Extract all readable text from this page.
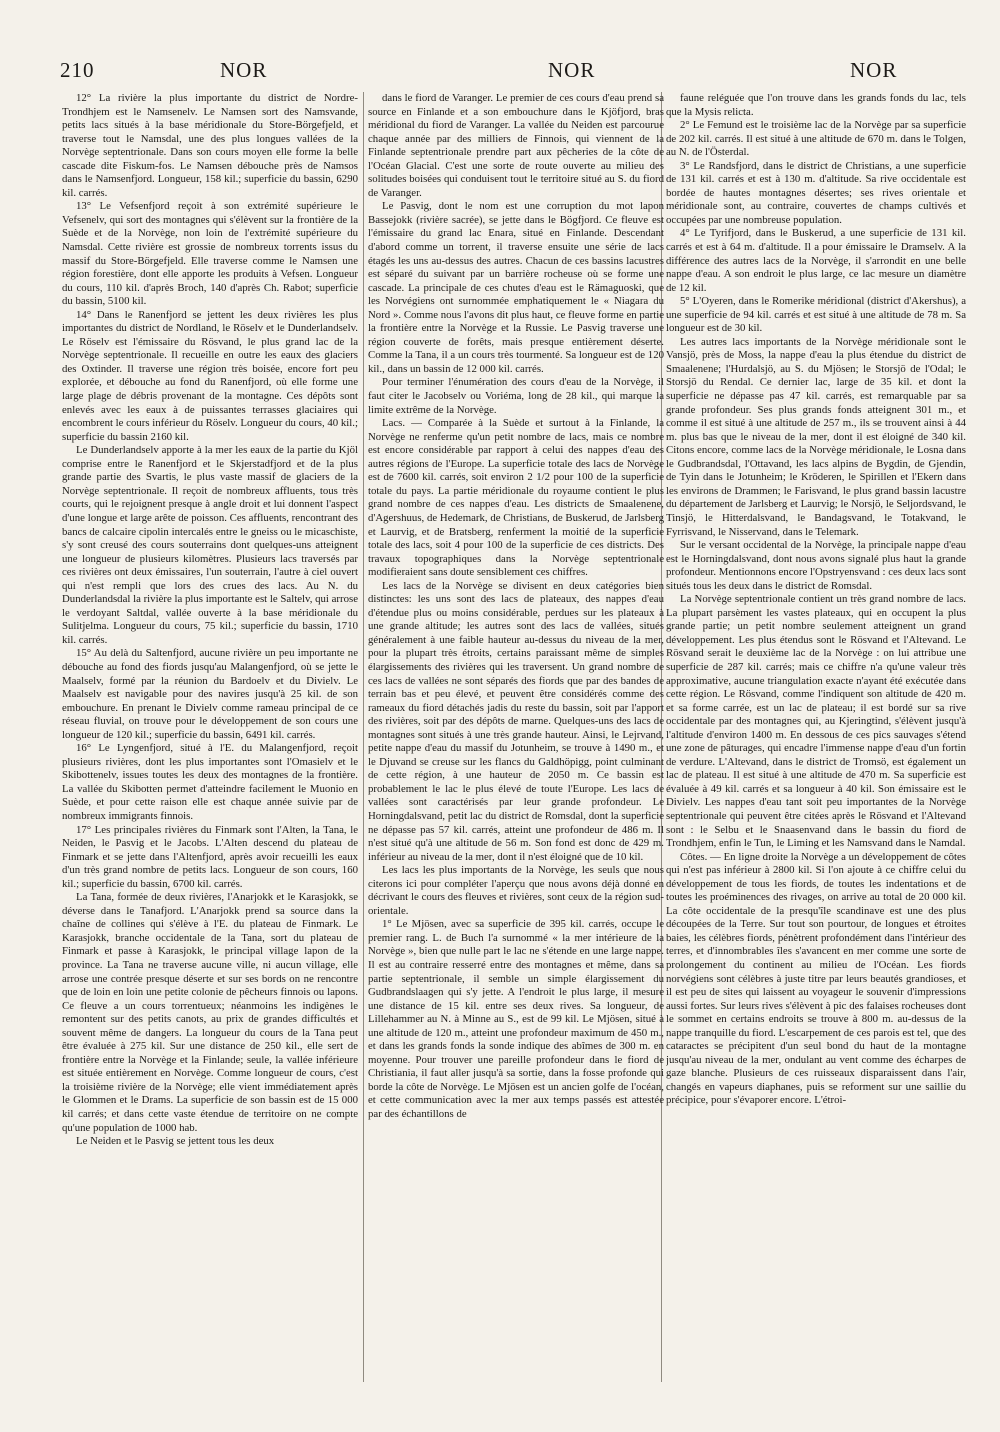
210	NOR	NOR	NOR

12° La rivière la plus importante du district de Nordre-Trondhjem est le Namsenelv. Le Namsen sort des Namsvande, petits lacs situés à la base méridionale du Store-Börgefjeld, et traverse tout le Namsdal, une des plus longues vallées de la Norvège septentrionale. Dans son cours moyen elle forme la belle cascade dite Fiskum-fos. Le Namsen débouche près de Namsos dans le Namsenfjord. Longueur, 158 kil.; superficie du bassin, 6290 kil. carrés.

13° Le Vefsenfjord reçoit à son extrémité supérieure le Vefsenelv, qui sort des montagnes qui s'élèvent sur la frontière de la Suède et de la Norvège, non loin de l'extrémité supérieure du Namsdal. Cette rivière est grossie de nombreux torrents issus du massif du Store-Börgefjeld. Elle traverse comme le Namsen une région forestière, dont elle apporte les produits à Vefsen. Longueur du cours, 110 kil. d'après Broch, 140 d'après Ch. Rabot; superficie du bassin, 5100 kil.

14° Dans le Ranenfjord se jettent les deux rivières les plus importantes du district de Nordland, le Röselv et le Dunderlandselv. Le Röselv est l'émissaire du Rösvand, le plus grand lac de la Norvège septentrionale. Il recueille en outre les eaux des glaciers des Oxtinder. Il traverse une région très boisée, encore fort peu explorée, et débouche au fond du Ranenfjord, où elle forme une large plage de débris provenant de la montagne. Ces dépôts sont enlevés avec les eaux à de puissantes terrasses glaciaires qui encombrent le cours inférieur du Röselv. Longueur du cours, 40 kil.; superficie du bassin 2160 kil.

Le Dunderlandselv apporte à la mer les eaux de la partie du Kjöl comprise entre le Ranenfjord et le Skjerstadfjord et de la plus grande partie des Svartis, le plus vaste massif de glaciers de la Norvège septentrionale. Il reçoit de nombreux affluents, tous très courts, qui le rejoignent presque à angle droit et lui donnent l'aspect d'une longue et large arête de poisson. Ces affluents, rencontrant des bancs de calcaire cipolin intercalés entre le gneiss ou le micaschiste, s'y sont creusé des cours souterrains dont quelques-uns atteignent une longueur de plusieurs kilomètres. Plusieurs lacs traversés par ces rivières ont deux émissaires, l'un souterrain, l'autre à ciel ouvert qui n'est rempli que lors des crues des lacs. Au N. du Dunderlandsdal la rivière la plus importante est le Saltelv, qui arrose le verdoyant Saltdal, vallée ouverte à la base méridionale du Sulitjelma. Longueur du cours, 75 kil.; superficie du bassin, 1710 kil. carrés.

15° Au delà du Saltenfjord, aucune rivière un peu importante ne débouche au fond des fiords jusqu'au Malangenfjord, où se jette le Maalselv, formé par la réunion du Bardoelv et du Divielv. Le Maalselv est navigable pour des navires jusqu'à 25 kil. de son embouchure. En prenant le Divielv comme rameau principal de ce réseau fluvial, on trouve pour le développement de son cours une longueur de 120 kil.; superficie du bassin, 6491 kil. carrés.

16° Le Lyngenfjord, situé à l'E. du Malangenfjord, reçoit plusieurs rivières, dont les plus importantes sont l'Omasielv et le Skibottenelv, issues toutes les deux des montagnes de la frontière. La vallée du Skibotten permet d'atteindre facilement le Muonio en Suède, et pour cette raison elle est chaque année suivie par de nombreux immigrants finnois.

17° Les principales rivières du Finmark sont l'Alten, la Tana, le Neiden, le Pasvig et le Jacobs. L'Alten descend du plateau de Finmark et se jette dans l'Altenfjord, après avoir recueilli les eaux d'un très grand nombre de petits lacs. Longueur de son cours, 160 kil.; superficie du bassin, 6700 kil. carrés.

La Tana, formée de deux rivières, l'Anarjokk et le Karasjokk, se déverse dans le Tanafjord. L'Anarjokk prend sa source dans la chaîne de collines qui s'élève à l'E. du plateau de Finmark. Le Karasjokk, branche occidentale de la Tana, sort du plateau de Finmark et passe à Karasjokk, le principal village lapon de la province. La Tana ne traverse aucune ville, ni aucun village, elle arrose une contrée presque déserte et sur ses bords on ne rencontre que de loin en loin une petite colonie de pêcheurs finnois ou lapons. Ce fleuve a un cours torrentueux; néanmoins les indigènes le remontent sur des petits canots, au prix de grandes difficultés et souvent même de dangers. La longueur du cours de la Tana peut être évaluée à 275 kil. Sur une distance de 250 kil., elle sert de frontière entre la Norvège et la Finlande; seule, la vallée inférieure est située entièrement en Norvège. Comme longueur de cours, c'est la troisième rivière de la Norvège; elle vient immédiatement après le Glommen et le Drams. La superficie de son bassin est de 15 000 kil carrés; et dans cette vaste étendue de territoire on ne compte qu'une population de 1000 hab.

Le Neiden et le Pasvig se jettent tous les deux

dans le fiord de Varanger. Le premier de ces cours d'eau prend sa source en Finlande et a son embouchure dans le Kjöfjord, bras méridional du fiord de Varanger. La vallée du Neiden est parcourue chaque année par des milliers de Finnois, qui viennent de la Finlande septentrionale prendre part aux pêcheries de la côte de l'Océan Glacial. C'est une sorte de route ouverte au milieu des solitudes boisées qui conduisent tout le territoire situé au S. du fiord de Varanger.

Le Pasvig, dont le nom est une corruption du mot lapon Bassejokk (rivière sacrée), se jette dans le Bögfjord. Ce fleuve est l'émissaire du grand lac Enara, situé en Finlande. Descendant d'abord comme un torrent, il traverse ensuite une série de lacs étagés les uns au-dessus des autres. Chacun de ces bassins lacustres est séparé du suivant par un barrière rocheuse où se forme une cascade. La principale de ces chutes d'eau est le Rämaguoski, que les Norvégiens ont surnommée emphatiquement le « Niagara du Nord ». Comme nous l'avons dit plus haut, ce fleuve forme en partie la frontière entre la Norvège et la Russie. Le Pasvig traverse une région couverte de forêts, mais presque entièrement déserte. Comme la Tana, il a un cours très tourmenté. Sa longueur est de 120 kil., dans un bassin de 12 000 kil. carrés.

Pour terminer l'énumération des cours d'eau de la Norvège, il faut citer le Jacobselv ou Voriéma, long de 28 kil., qui marque la limite extrême de la Norvège.

Lacs. — Comparée à la Suède et surtout à la Finlande, la Norvège ne renferme qu'un petit nombre de lacs, mais ce nombre est encore considérable par rapport à celui des nappes d'eau des autres régions de l'Europe. La superficie totale des lacs de Norvège est de 7600 kil. carrés, soit environ 2 1/2 pour 100 de la superficie totale du pays. La partie méridionale du royaume contient le plus grand nombre de ces nappes d'eau. Les districts de Smaalenene, d'Agershuus, de Hedemark, de Christians, de Buskerud, de Jarlsberg et Laurvig, et de Bratsberg, renferment la moitié de la superficie totale des lacs, soit 4 pour 100 de la superficie de ces districts. Des travaux topographiques dans la Norvège septentrionale modifieraient sans doute sensiblement ces chiffres.

Les lacs de la Norvège se divisent en deux catégories bien distinctes: les uns sont des lacs de plateaux, des nappes d'eau d'étendue plus ou moins considérable, perdues sur les plateaux à une grande altitude; les autres sont des lacs de vallées, situés généralement à une faible hauteur au-dessus du niveau de la mer, pour la plupart très étroits, certains paraissant même de simples élargissements des rivières qui les traversent. Un grand nombre de ces lacs de vallées ne sont séparés des fiords que par des bandes de terrain bas et peu élevé, et peuvent être considérés comme des rameaux du fiord détachés jadis du reste du bassin, soit par l'apport des rivières, soit par des dépôts de marne. Quelques-uns des lacs de montagnes sont situés à une très grande hauteur. Ainsi, le Lejrvand, petite nappe d'eau du massif du Jotunheim, se trouve à 1490 m., et le Djuvand se creuse sur les flancs du Galdhöpigg, point culminant de cette région, à une hauteur de 2050 m. Ce bassin est probablement le lac le plus élevé de toute l'Europe. Les lacs de vallées sont caractérisés par leur grande profondeur. Le Horningdalsvand, petit lac du district de Romsdal, dont la superficie ne dépasse pas 57 kil. carrés, atteint une profondeur de 486 m. Il n'est situé qu'à une altitude de 56 m. Son fond est donc de 429 m. inférieur au niveau de la mer, dont il n'est éloigné que de 10 kil.

Les lacs les plus importants de la Norvège, les seuls que nous citerons ici pour compléter l'aperçu que nous avons déjà donné en décrivant le cours des fleuves et rivières, sont ceux de la région sud-orientale.

1° Le Mjösen, avec sa superficie de 395 kil. carrés, occupe le premier rang. L. de Buch l'a surnommé « la mer intérieure de la Norvège », bien que nulle part le lac ne s'étende en une large nappe. Il est au contraire resserré entre des montagnes et même, dans sa partie septentrionale, il semble un simple élargissement du Gudbrandslaagen qui s'y jette. A l'endroit le plus large, il mesure une distance de 15 kil. entre ses deux rives. Sa longueur, de Lillehammer au N. à Minne au S., est de 99 kil. Le Mjösen, situé à une altitude de 120 m., atteint une profondeur maximum de 450 m., et dans les grands fonds la sonde indique des abîmes de 300 m. en moyenne. Pour trouver une pareille profondeur dans le fiord de Christiania, il faut aller jusqu'à sa sortie, dans la fosse profonde qui borde la côte de Norvège. Le Mjösen est un ancien golfe de l'océan, et cette communication avec la mer aux temps passés est attestée par des échantillons de

faune reléguée que l'on trouve dans les grands fonds du lac, tels que la Mysis relicta.

2° Le Femund est le troisième lac de la Norvège par sa superficie de 202 kil. carrés. Il est situé à une altitude de 670 m. dans le Tolgen, au N. de l'Österdal.

3° Le Randsfjord, dans le district de Christians, a une superficie de 131 kil. carrés et est à 130 m. d'altitude. Sa rive occidentale est bordée de hautes montagnes désertes; ses rives orientale et méridionale sont, au contraire, couvertes de champs cultivés et occupées par une nombreuse population.

4° Le Tyrifjord, dans le Buskerud, a une superficie de 131 kil. carrés et est à 64 m. d'altitude. Il a pour émissaire le Dramselv. A la différence des autres lacs de la Norvège, il s'arrondit en une belle nappe d'eau. A son endroit le plus large, ce lac mesure un diamètre de 12 kil.

5° L'Oyeren, dans le Romerike méridional (district d'Akershus), a une superficie de 94 kil. carrés et est situé à une altitude de 78 m. Sa longueur est de 30 kil.

Les autres lacs importants de la Norvège méridionale sont le Vansjö, près de Moss, la nappe d'eau la plus étendue du district de Smaalenene; l'Hurdalsjö, au S. du Mjösen; le Storsjö de l'Odal; le Storsjö du Rendal. Ce dernier lac, large de 35 kil. et dont la superficie ne dépasse pas 47 kil. carrés, est remarquable par sa grande profondeur. Ses plus grands fonds atteignent 301 m., et comme il est situé à une altitude de 257 m., ils se trouvent ainsi à 44 m. plus bas que le niveau de la mer, dont il est éloigné de 340 kil. Citons encore, comme lacs de la Norvège méridionale, le Losna dans le Gudbrandsdal, l'Ottavand, les lacs alpins de Bygdin, de Gjendin, de Tyin dans le Jotunheim; le Kröderen, le Spirillen et l'Ekern dans les environs de Drammen; le Farisvand, le plus grand bassin lacustre du département de Jarlsberg et Laurvig; le Norsjö, le Seljordsvand, le Tinsjö, le Hitterdalsvand, le Bandagsvand, le Totakvand, le Fyrrisvand, le Nisservand, dans le Telemark.

Sur le versant occidental de la Norvège, la principale nappe d'eau est le Horningdalsvand, dont nous avons signalé plus haut la grande profondeur. Mentionnons encore l'Opstryensvand : ces deux lacs sont situés tous les deux dans le district de Romsdal.

La Norvège septentrionale contient un très grand nombre de lacs. La plupart parsèment les vastes plateaux, qui en occupent la plus grande partie; un petit nombre seulement atteignent un grand développement. Les plus étendus sont le Rösvand et l'Altevand. Le Rösvand serait le deuxième lac de la Norvège : on lui attribue une superficie de 287 kil. carrés; mais ce chiffre n'a qu'une valeur très approximative, aucune triangulation exacte n'ayant été exécutée dans cette région. Le Rösvand, comme l'indiquent son altitude de 420 m. et sa forme carrée, est un lac de plateau; il est bordé sur sa rive occidentale par des montagnes qui, au Kjeringtind, s'élèvent jusqu'à l'altitude d'environ 1400 m. En dessous de ces pics sauvages s'étend une zone de pâturages, qui encadre l'immense nappe d'eau d'un fortin de verdure. L'Altevand, dans le district de Tromsö, est également un lac de plateau. Il est situé à une altitude de 470 m. Sa superficie est évaluée à 49 kil. carrés et sa longueur à 40 kil. Son émissaire est le Divielv. Les nappes d'eau tant soit peu importantes de la Norvège septentrionale qui peuvent être citées après le Rösvand et l'Altevand sont : le Selbu et le Snaasenvand dans le bassin du fiord de Trondhjem, enfin le Tun, le Liming et les Namsvand dans le Namdal.

Côtes. — En ligne droite la Norvège a un développement de côtes qui n'est pas inférieur à 2800 kil. Si l'on ajoute à ce chiffre celui du développement de tous les fiords, de toutes les indentations et de toutes les proéminences des rivages, on arrive au total de 20 000 kil. La côte occidentale de la presqu'île scandinave est une des plus découpées de la Terre. Sur tout son pourtour, de longues et étroites baies, les célèbres fiords, pénètrent profondément dans l'intérieur des terres, et d'innombrables îles s'avancent en mer comme une sorte de prolongement du continent au milieu de l'Océan. Les fiords norvégiens sont célèbres à juste titre par leurs beautés grandioses, et il est peu de sites qui laissent au voyageur le souvenir d'impressions aussi fortes. Sur leurs rives s'élèvent à pic des falaises rocheuses dont le sommet en certains endroits se trouve à 800 m. au-dessus de la nappe tranquille du fiord. L'escarpement de ces parois est tel, que des cataractes se précipitent d'un seul bond du haut de la montagne jusqu'au niveau de la mer, ondulant au vent comme des écharpes de gaze blanche. Plusieurs de ces ruisseaux disparaissent dans l'air, changés en vapeurs diaphanes, puis se reforment sur une saillie du précipice, pour s'évaporer encore. L'étroi-
